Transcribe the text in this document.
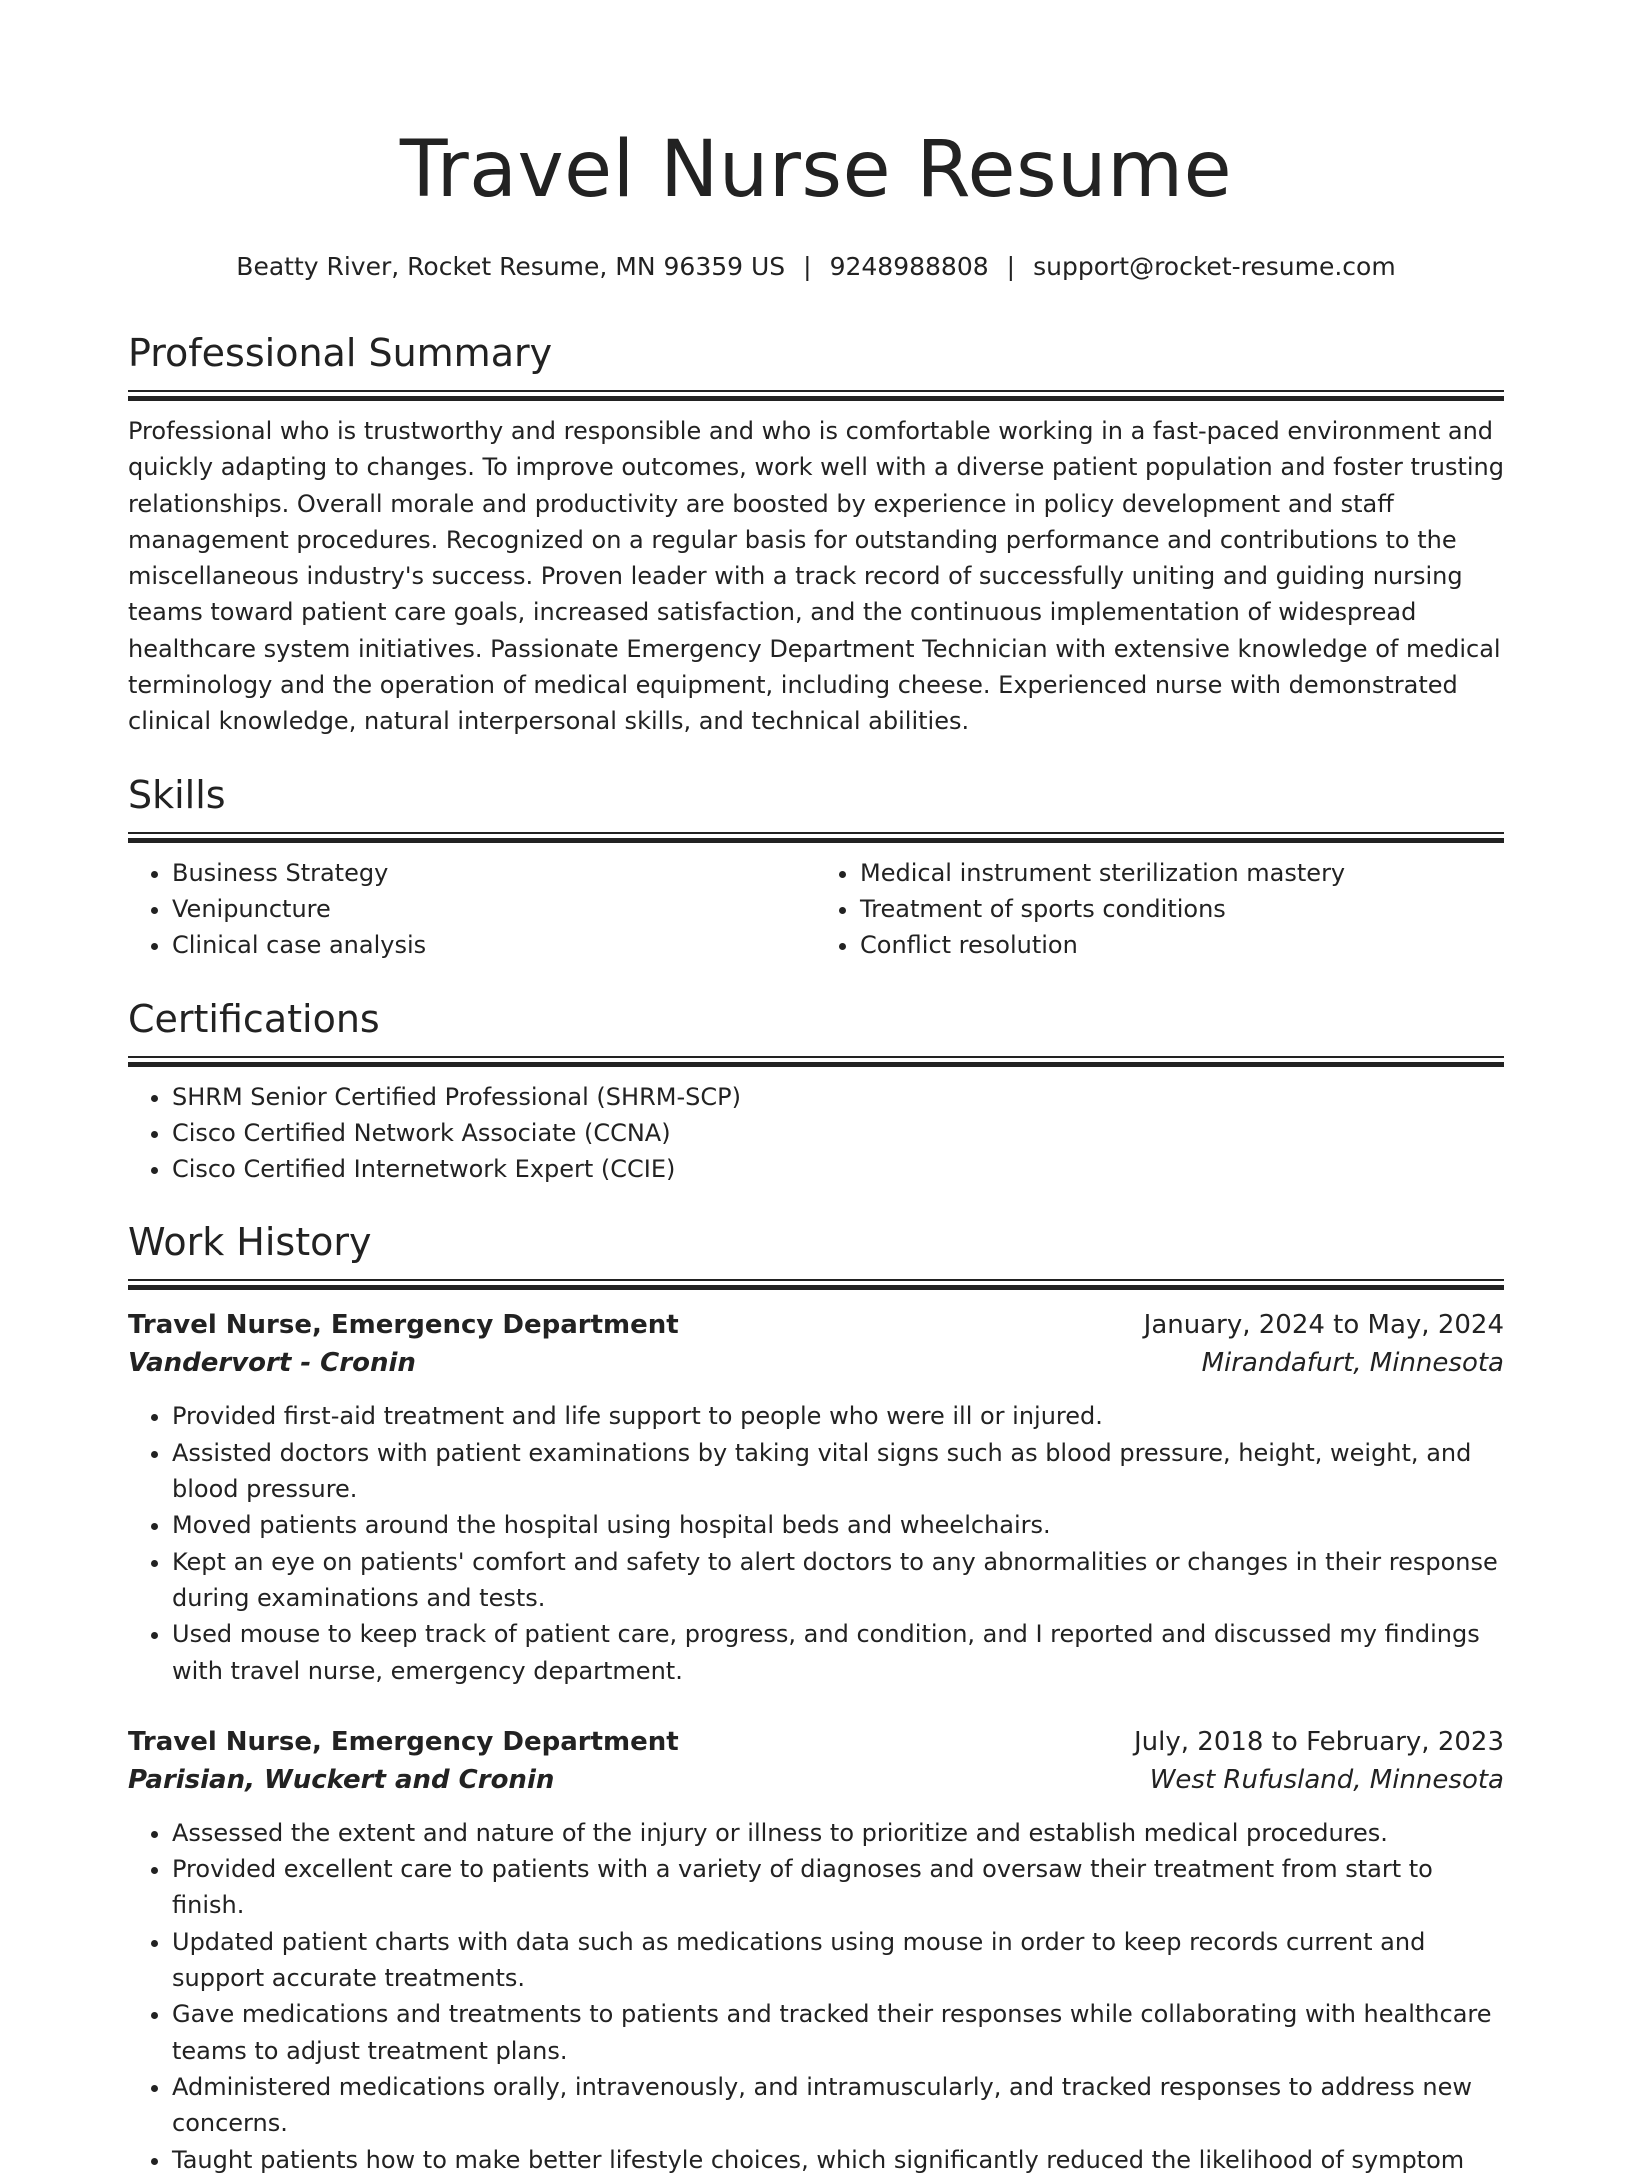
Travel Nurse Resume
Beatty River, Rocket Resume, MN 96359 US | 9248988808 | support@rocket-resume.com
Professional Summary

Professional who is trustworthy and responsible and who is comfortable working in a fast-paced environment and quickly adapting to changes. To improve outcomes, work well with a diverse patient population and foster trusting relationships. Overall morale and productivity are boosted by experience in policy development and staff management procedures. Recognized on a regular basis for outstanding performance and contributions to the miscellaneous industry's success. Proven leader with a track record of successfully uniting and guiding nursing teams toward patient care goals, increased satisfaction, and the continuous implementation of widespread healthcare system initiatives. Passionate Emergency Department Technician with extensive knowledge of medical terminology and the operation of medical equipment, including cheese. Experienced nurse with demonstrated clinical knowledge, natural interpersonal skills, and technical abilities.

Skills
• Business Strategy
• Venipuncture
• Clinical case analysis
• Medical instrument sterilization mastery
• Treatment of sports conditions
• Conflict resolution
Certifications
• SHRM Senior Certified Professional (SHRM-SCP)
• Cisco Certified Network Associate (CCNA)
• Cisco Certified Internetwork Expert (CCIE)
Work History
Travel Nurse, Emergency Department	January, 2024 to May, 2024
Vandervort - Cronin	Mirandafurt, Minnesota
• Provided first-aid treatment and life support to people who were ill or injured.
• Assisted doctors with patient examinations by taking vital signs such as blood pressure, height, weight, and blood pressure.
• Moved patients around the hospital using hospital beds and wheelchairs.
• Kept an eye on patients' comfort and safety to alert doctors to any abnormalities or changes in their response during examinations and tests.
• Used mouse to keep track of patient care, progress, and condition, and I reported and discussed my findings with travel nurse, emergency department.
Travel Nurse, Emergency Department	July, 2018 to February, 2023
Parisian, Wuckert and Cronin	West Rufusland, Minnesota
• Assessed the extent and nature of the injury or illness to prioritize and establish medical procedures.
• Provided excellent care to patients with a variety of diagnoses and oversaw their treatment from start to finish.
• Updated patient charts with data such as medications using mouse in order to keep records current and support accurate treatments.
• Gave medications and treatments to patients and tracked their responses while collaborating with healthcare teams to adjust treatment plans.
• Administered medications orally, intravenously, and intramuscularly, and tracked responses to address new concerns.
• Taught patients how to make better lifestyle choices, which significantly reduced the likelihood of symptom
